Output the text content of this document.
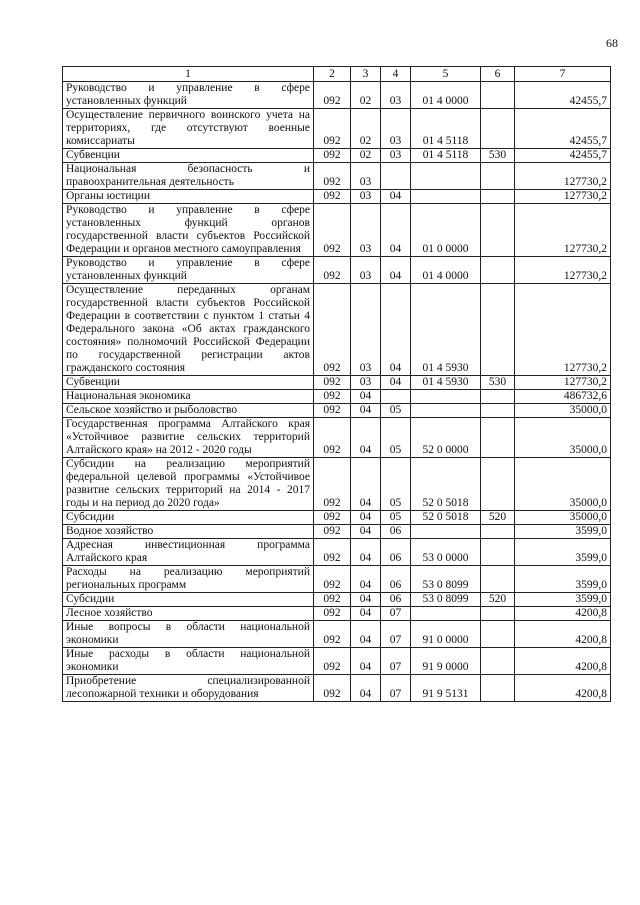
68
1	2	3	4	5	6	7
Руководство и управление в сфере установленных функций	092	02	03	01 4 0000		42455,7
Осуществление первичного воинского учета на территориях, где отсутствуют военные комиссариаты	092	02	03	01 4 5118		42455,7
Субвенции	092	02	03	01 4 5118	530	42455,7
Национальная безопасность и правоохранительная деятельность	092	03				127730,2
Органы юстиции	092	03	04			127730,2
Руководство и управление в сфере установленных функций органов государственной власти субъектов Российской Федерации и органов местного самоуправления	092	03	04	01 0 0000		127730,2
Руководство и управление в сфере установленных функций	092	03	04	01 4 0000		127730,2
Осуществление переданных органам государственной власти субъектов Российской Федерации в соответствии с пунктом 1 статьи 4 Федерального закона «Об актах гражданского состояния» полномочий Российской Федерации по государственной регистрации актов гражданского состояния	092	03	04	01 4 5930		127730,2
Субвенции	092	03	04	01 4 5930	530	127730,2
Национальная экономика	092	04				486732,6
Сельское хозяйство и рыболовство	092	04	05			35000,0
Государственная программа Алтайского края «Устойчивое развитие сельских территорий Алтайского края» на 2012 - 2020 годы	092	04	05	52 0 0000		35000,0
Субсидии на реализацию мероприятий федеральной целевой программы «Устойчивое развитие сельских территорий на 2014 - 2017 годы и на период до 2020 года»	092	04	05	52 0 5018		35000,0
Субсидии	092	04	05	52 0 5018	520	35000,0
Водное хозяйство	092	04	06			3599,0
Адресная инвестиционная программа Алтайского края	092	04	06	53 0 0000		3599,0
Расходы на реализацию мероприятий региональных программ	092	04	06	53 0 8099		3599,0
Субсидии	092	04	06	53 0 8099	520	3599,0
Лесное хозяйство	092	04	07			4200,8
Иные вопросы в области национальной экономики	092	04	07	91 0 0000		4200,8
Иные расходы в области национальной экономики	092	04	07	91 9 0000		4200,8
Приобретение специализированной лесопожарной техники и оборудования	092	04	07	91 9 5131		4200,8
